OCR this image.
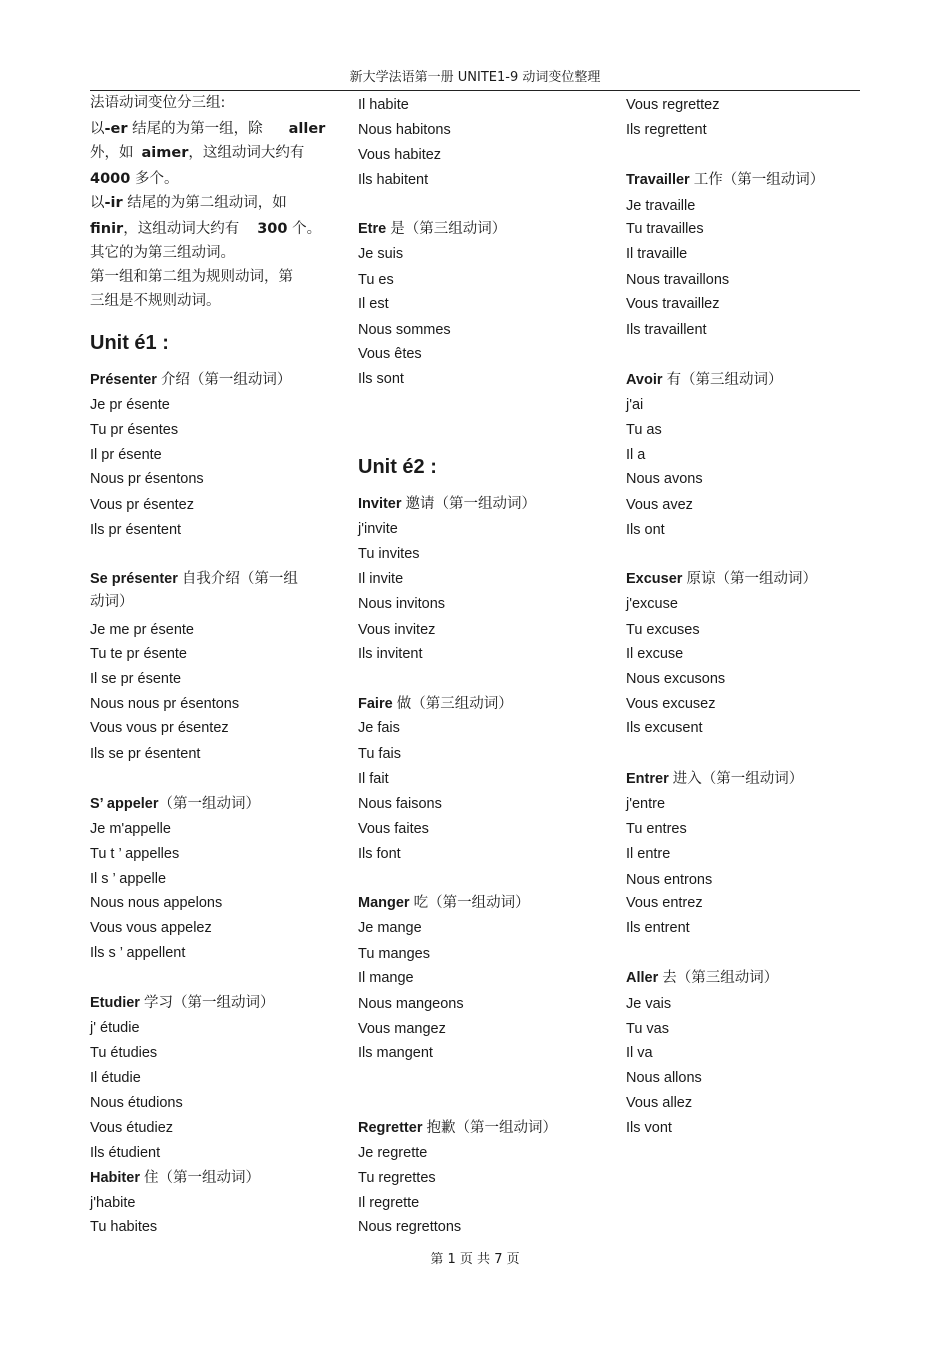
新大学法语第一册 UNITE1-9 动词变位整理
法语动词变位分三组:
以-er 结尾的为第一组，除 aller
外，如 aimer，这组动词大约有
4000 多个。
以-ir 结尾的为第二组动词，如
finir，这组动词大约有 300 个。
其它的为第三组动词。
第一组和第二组为规则动词，第
三组是不规则动词。
Unit é1 :
Présenter 介绍（第一组动词）
Je pr ésente
Tu pr ésentes
Il pr ésente
Nous pr ésentons
Vous pr ésentez
Ils pr ésentent
Se présenter 自我介绍（第一组
动词）
Je me pr ésente
Tu te pr ésente
Il se pr ésente
Nous nous pr ésentons
Vous vous pr ésentez
Ils se pr ésentent
S’ appeler（第一组动词）
Je m'appelle
Tu t ’ appelles
Il s ’ appelle
Nous nous appelons
Vous vous appelez
Ils s ’ appellent
Etudier 学习（第一组动词）
j' étudie
Tu étudies
Il étudie
Nous étudions
Vous étudiez
Ils étudient
Habiter 住（第一组动词）
j'habite
Tu habites
Il habite
Nous habitons
Vous habitez
Ils habitent
Etre 是（第三组动词）
Je suis
Tu es
Il est
Nous sommes
Vous êtes
Ils sont
Unit é2 :
Inviter 邀请（第一组动词）
j'invite
Tu invites
Il invite
Nous invitons
Vous invitez
Ils invitent
Faire 做（第三组动词）
Je fais
Tu fais
Il fait
Nous faisons
Vous faites
Ils font
Manger 吃（第一组动词）
Je mange
Tu manges
Il mange
Nous mangeons
Vous mangez
Ils mangent
Regretter 抱歉（第一组动词）
Je regrette
Tu regrettes
Il regrette
Nous regrettons
Vous regrettez
Ils regrettent
Travailler 工作（第一组动词）
Je travaille
Tu travailles
Il travaille
Nous travaillons
Vous travaillez
Ils travaillent
Avoir 有（第三组动词）
j'ai
Tu as
Il a
Nous avons
Vous avez
Ils ont
Excuser 原谅（第一组动词）
j'excuse
Tu excuses
Il excuse
Nous excusons
Vous excusez
Ils excusent
Entrer 进入（第一组动词）
j'entre
Tu entres
Il entre
Nous entrons
Vous entrez
Ils entrent
Aller 去（第三组动词）
Je vais
Tu vas
Il va
Nous allons
Vous allez
Ils vont
第 1 页 共 7 页
